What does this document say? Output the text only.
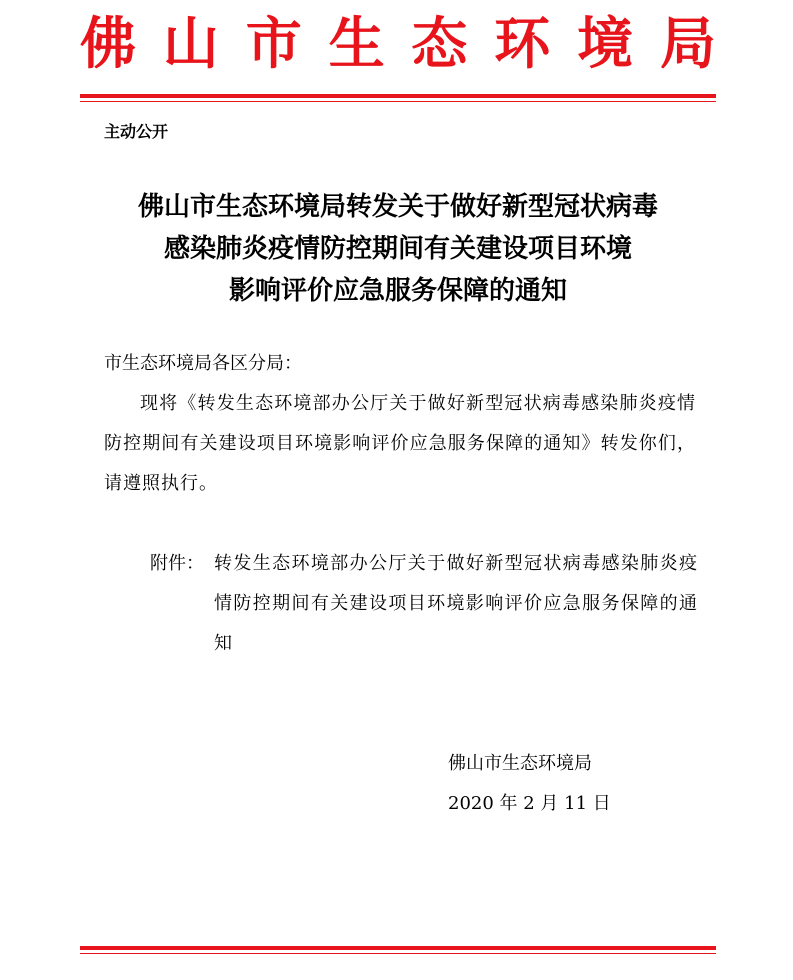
佛山市生态环境局
主动公开
佛山市生态环境局转发关于做好新型冠状病毒
感染肺炎疫情防控期间有关建设项目环境
影响评价应急服务保障的通知
市生态环境局各区分局：
现将《转发生态环境部办公厅关于做好新型冠状病毒感染肺炎疫情防控期间有关建设项目环境影响评价应急服务保障的通知》转发你们，请遵照执行。
附件： 转发生态环境部办公厅关于做好新型冠状病毒感染肺炎疫情防控期间有关建设项目环境影响评价应急服务保障的通知
佛山市生态环境局
2020 年 2 月 11 日
